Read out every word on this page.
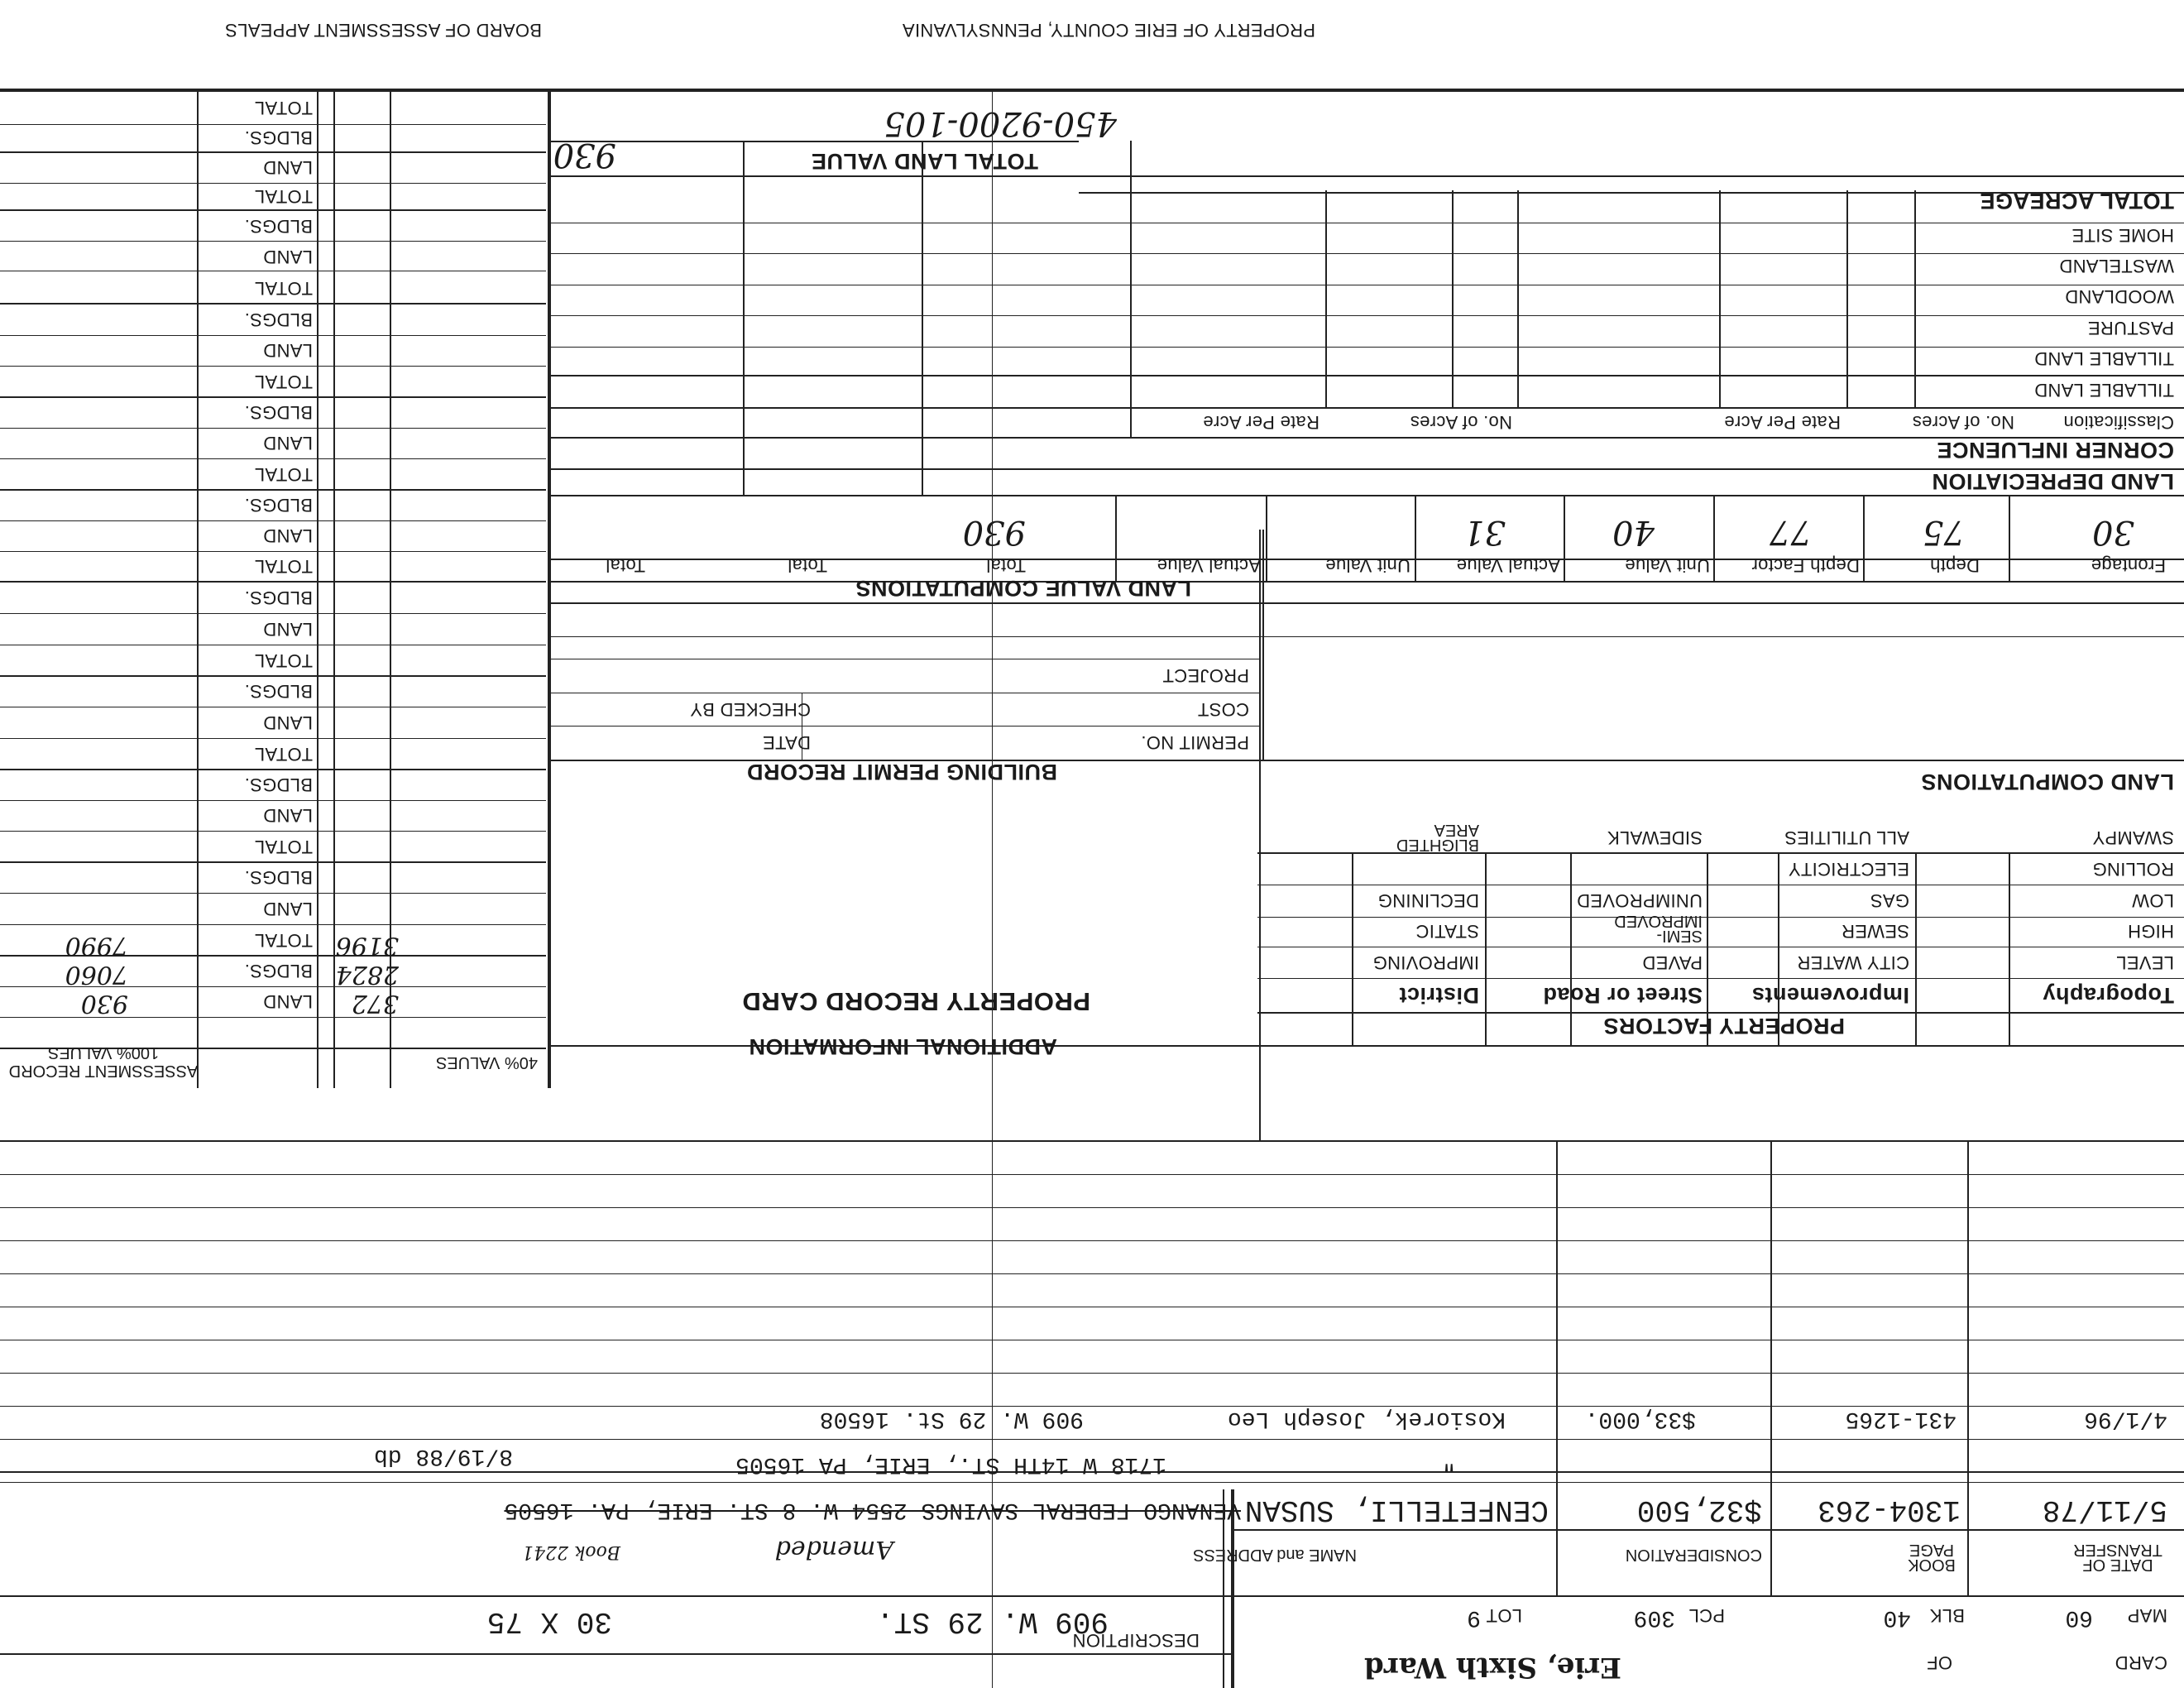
PROPERTY OF ERIE COUNTY, PENNSYLVANIA
BOARD OF ASSESSMENT APPEALS
TOTAL
BLDGS.
LAND
TOTAL
BLDGS.
LAND
TOTAL
BLDGS.
LAND
TOTAL
BLDGS.
LAND
TOTAL
BLDGS.
LAND
TOTAL
BLDGS.
LAND
TOTAL
BLDGS.
LAND
TOTAL
BLDGS.
LAND
TOTAL
BLDGS.
LAND
TOTAL
BLDGS.
LAND
ASSESSMENT RECORD
100% VALUES
40% VALUES
372
2824
3196
930
7060
7990
450-9200-105
TOTAL LAND VALUE
930
TOTAL ACREAGE
HOME SITE
WASTELAND
WOODLAND
PASTURE
TILLABLE LAND
TILLABLE LAND
Classification
No. of Acres
Rate Per Acre
No. of Acres
Rate Per Acre
CORNER INFLUENCE
LAND DEPRECIATION
Frontage
Depth
Depth Factor
Unit Value
Actual Value
Unit Value
Actual Value
Total
Total
Total
30
75
77
40
31
930
LAND VALUE COMPUTATIONS
LAND COMPUTATIONS
BUILDING PERMIT RECORD
PERMIT NO.
DATE
COST
CHECKED BY
PROJECT
Topography
Improvements
Street or Road
District
PROPERTY FACTORS
LEVEL
HIGH
LOW
ROLLING
SWAMPY
CITY WATER
SEWER
GAS
ELECTRICITY
ALL UTILITIES
PAVED
SEMI-IMPROVED
UNIMPROVED
SIDEWALK
IMPROVING
STATIC
DECLINING
BLIGHTED AREA
PROPERTY RECORD CARD
ADDITIONAL INFORMATION
BOOK PAGE
DATE OF TRANSFER
CONSIDERATION
NAME and ADDRESS
5/11/78
1304-263
$32,500
CENFETELLI, SUSAN
VENANGO FEDERAL SAVINGS 2554 W. 8 ST. ERIE, PA. 16505
"
1718 W 14TH ST., ERIE, PA 16505
8/19/88 db
4/1/96
431-1265
$33,000.
Kosiorek, Joseph Leo
909 W. 29 St. 16508
Amended
Book 2241
MAP
60
BLK
40
PCL
309
LOT
9
CARD
OF
Erie, Sixth Ward
DESCRIPTION
909 W. 29 ST.
30 X 75
